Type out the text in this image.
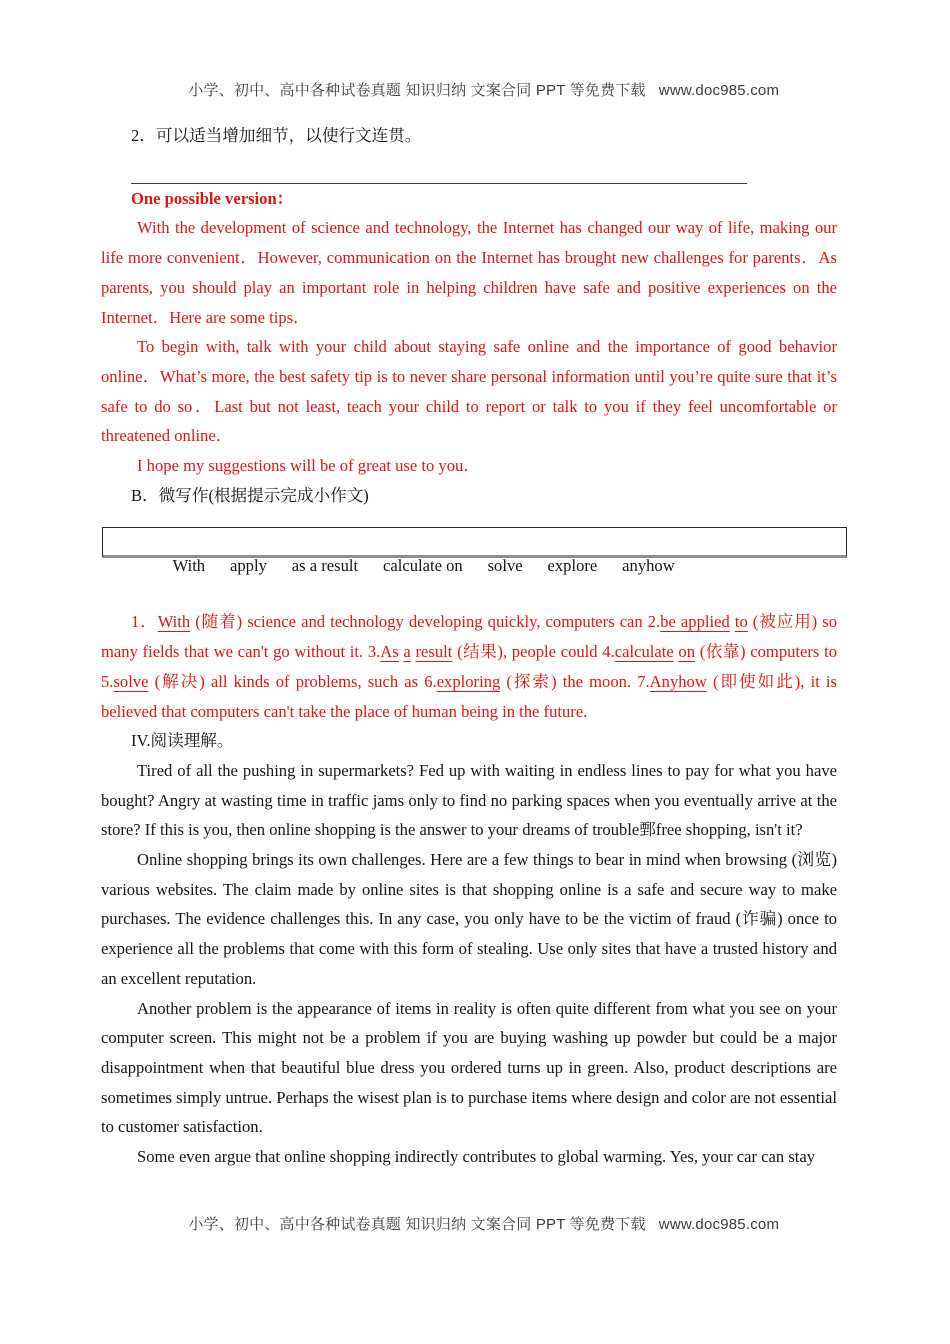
小学、初中、高中各种试卷真题 知识归纳 文案合同 PPT 等免费下载   www.doc985.com

2．可以适当增加细节，以使行文连贯。

One possible version：

With the development of science and technology, the Internet has changed our way of life, making our life more convenient．However, communication on the Internet has brought new challenges for parents．As parents, you should play an important role in helping children have safe and positive experiences on the Internet．Here are some tips．

To begin with, talk with your child about staying safe online and the importance of good behavior online．What’s more, the best safety tip is to never share personal information until you’re quite sure that it’s safe to do so．Last but not least, teach your child to report or talk to you if they feel uncomfortable or threatened online．

I hope my suggestions will be of great use to you．

B．微写作(根据提示完成小作文)

With   apply   as a result   calculate on   solve   explore   anyhow

1．With (随着) science and technology developing quickly, computers can 2.be applied to (被应用) so many fields that we can't go without it. 3.As a result (结果), people could 4.calculate on (依靠) computers to 5.solve (解决) all kinds of problems, such as 6.exploring (探索) the moon. 7.Anyhow (即使如此), it is believed that computers can't take the place of human being in the future.

IV.阅读理解。

Tired of all the pushing in supermarkets? Fed up with waiting in endless lines to pay for what you have bought? Angry at wasting time in traffic jams only to find no parking spaces when you eventually arrive at the store? If this is you, then online shopping is the answer to your dreams of trouble鄄free shopping, isn't it?

Online shopping brings its own challenges. Here are a few things to bear in mind when browsing (浏览) various websites. The claim made by online sites is that shopping online is a safe and secure way to make purchases. The evidence challenges this. In any case, you only have to be the victim of fraud (诈骗) once to experience all the problems that come with this form of stealing. Use only sites that have a trusted history and an excellent reputation.

Another problem is the appearance of items in reality is often quite different from what you see on your computer screen. This might not be a problem if you are buying washing up powder but could be a major disappointment when that beautiful blue dress you ordered turns up in green. Also, product descriptions are sometimes simply untrue. Perhaps the wisest plan is to purchase items where design and color are not essential to customer satisfaction.

Some even argue that online shopping indirectly contributes to global warming. Yes, your car can stay

小学、初中、高中各种试卷真题 知识归纳 文案合同 PPT 等免费下载   www.doc985.com
